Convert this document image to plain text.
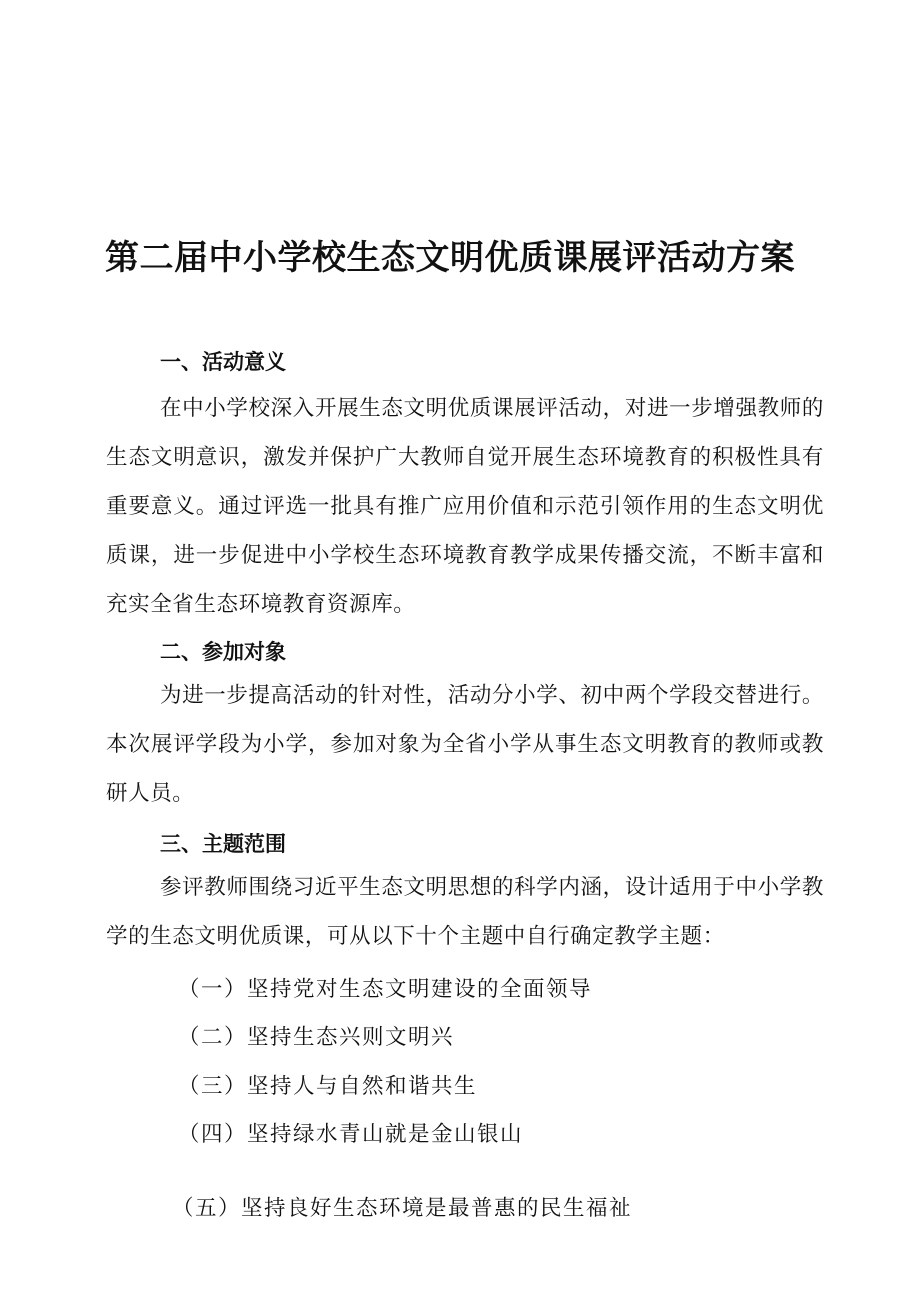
第二届中小学校生态文明优质课展评活动方案
一、活动意义
在中小学校深入开展生态文明优质课展评活动，对进一步增强教师的生态文明意识，激发并保护广大教师自觉开展生态环境教育的积极性具有重要意义。通过评选一批具有推广应用价值和示范引领作用的生态文明优质课，进一步促进中小学校生态环境教育教学成果传播交流，不断丰富和充实全省生态环境教育资源库。
二、参加对象
为进一步提高活动的针对性，活动分小学、初中两个学段交替进行。本次展评学段为小学，参加对象为全省小学从事生态文明教育的教师或教研人员。
三、主题范围
参评教师围绕习近平生态文明思想的科学内涵，设计适用于中小学教学的生态文明优质课，可从以下十个主题中自行确定教学主题：
（一）坚持党对生态文明建设的全面领导
（二）坚持生态兴则文明兴
（三）坚持人与自然和谐共生
（四）坚持绿水青山就是金山银山
（五）坚持良好生态环境是最普惠的民生福祉
